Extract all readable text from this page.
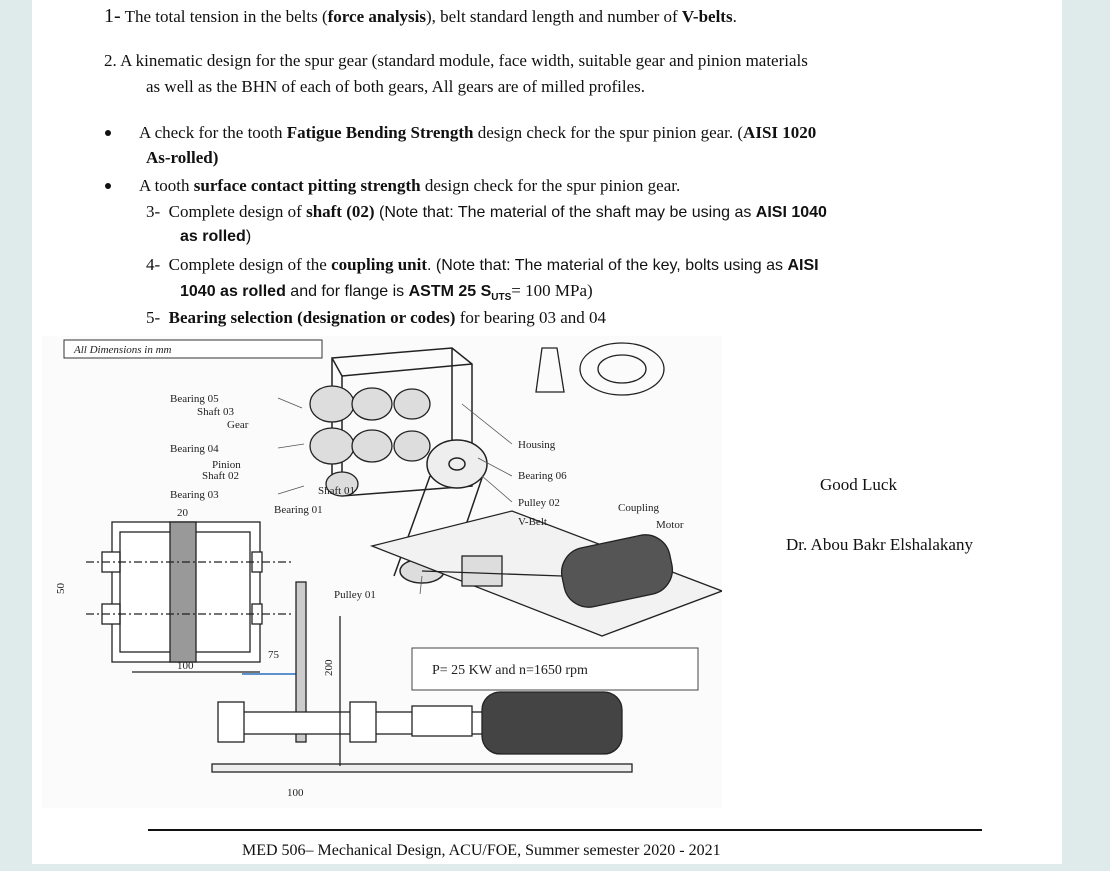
1- The total tension in the belts (force analysis), belt standard length and number of V-belts.
2. A kinematic design for the spur gear (standard module, face width, suitable gear and pinion materials
as well as the BHN of each of both gears, All gears are of milled profiles.
A check for the tooth Fatigue Bending Strength design check for the spur pinion gear. (AISI 1020
As-rolled)
A tooth surface contact pitting strength design check for the spur pinion gear.
3- Complete design of shaft (02) (Note that: The material of the shaft may be using as AISI 1040
as rolled)
4- Complete design of the coupling unit. (Note that: The material of the key, bolts using as AISI
1040 as rolled and for flange is ASTM 25 $S_{UTS}= 100$ MPa)
5- Bearing selection (designation or codes) for bearing 03 and 04
All Dimensions in mm
Bearing 05
Shaft 03
Gear
Bearing 04
Pinion
Shaft 02
Bearing 03	Shaft 01
Bearing 01
Housing
Bearing 06
Pulley 02
V-Belt
Coupling
Motor
Pulley 01
20
50
100
75
200
100
P= 25 KW and n=1650 rpm
Good Luck
Dr. Abou Bakr Elshalakany
MED 506– Mechanical Design, ACU/FOE, Summer semester 2020 - 2021
